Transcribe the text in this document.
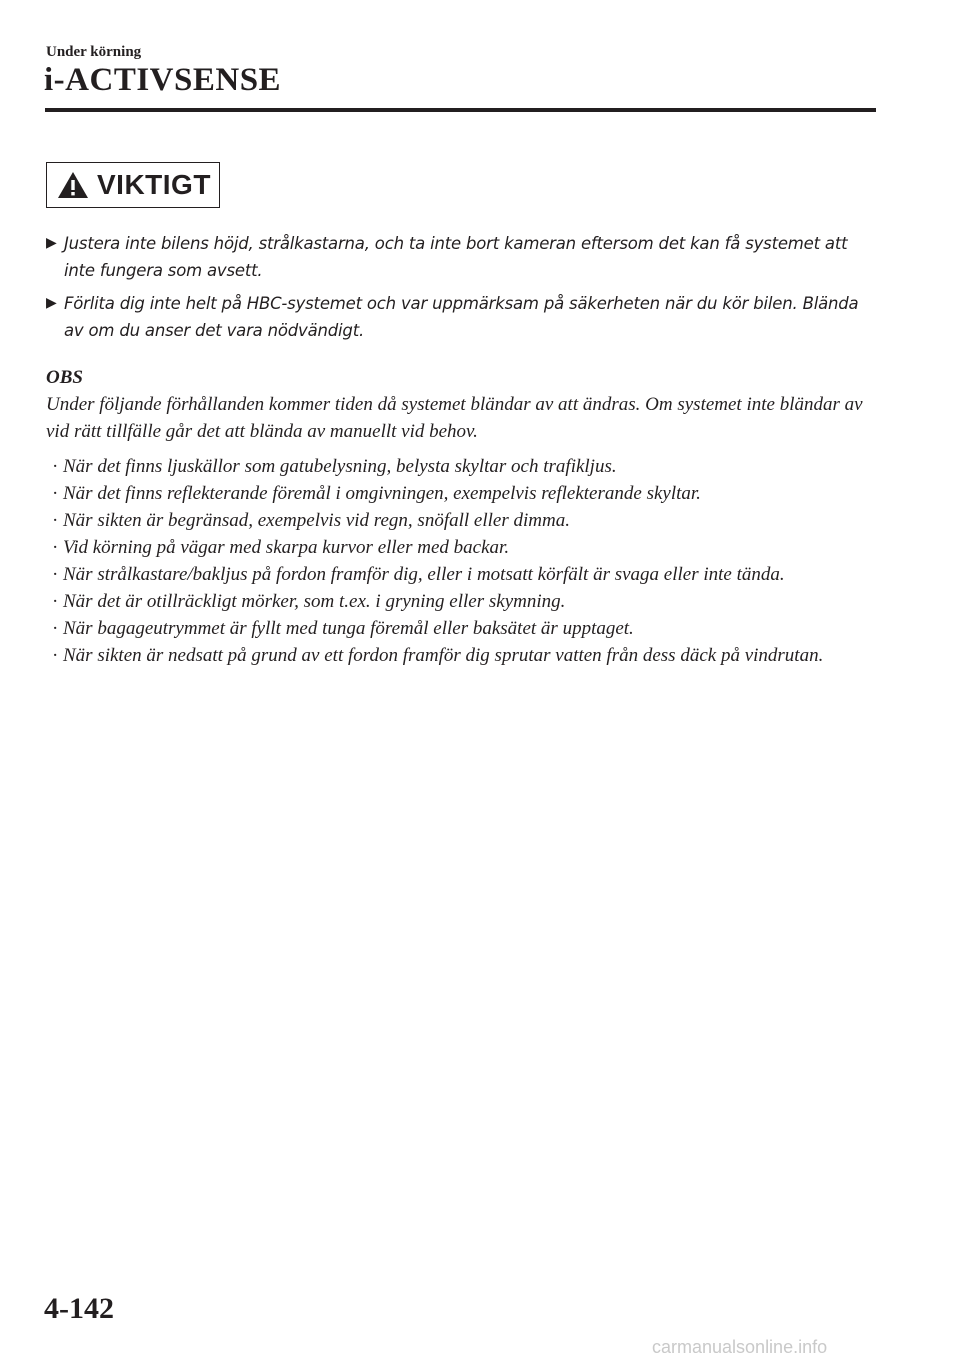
Under körning
i-ACTIVSENSE
VIKTIGT
▶ Justera inte bilens höjd, strålkastarna, och ta inte bort kameran eftersom det kan få systemet att inte fungera som avsett.
▶ Förlita dig inte helt på HBC-systemet och var uppmärksam på säkerheten när du kör bilen. Blända av om du anser det vara nödvändigt.
OBS
Under följande förhållanden kommer tiden då systemet bländar av att ändras. Om systemet inte bländar av vid rätt tillfälle går det att blända av manuellt vid behov.
· När det finns ljuskällor som gatubelysning, belysta skyltar och trafikljus.
· När det finns reflekterande föremål i omgivningen, exempelvis reflekterande skyltar.
· När sikten är begränsad, exempelvis vid regn, snöfall eller dimma.
· Vid körning på vägar med skarpa kurvor eller med backar.
· När strålkastare/bakljus på fordon framför dig, eller i motsatt körfält är svaga eller inte tända.
· När det är otillräckligt mörker, som t.ex. i gryning eller skymning.
· När bagageutrymmet är fyllt med tunga föremål eller baksätet är upptaget.
· När sikten är nedsatt på grund av ett fordon framför dig sprutar vatten från dess däck på vindrutan.
4-142
carmanualsonline.info
